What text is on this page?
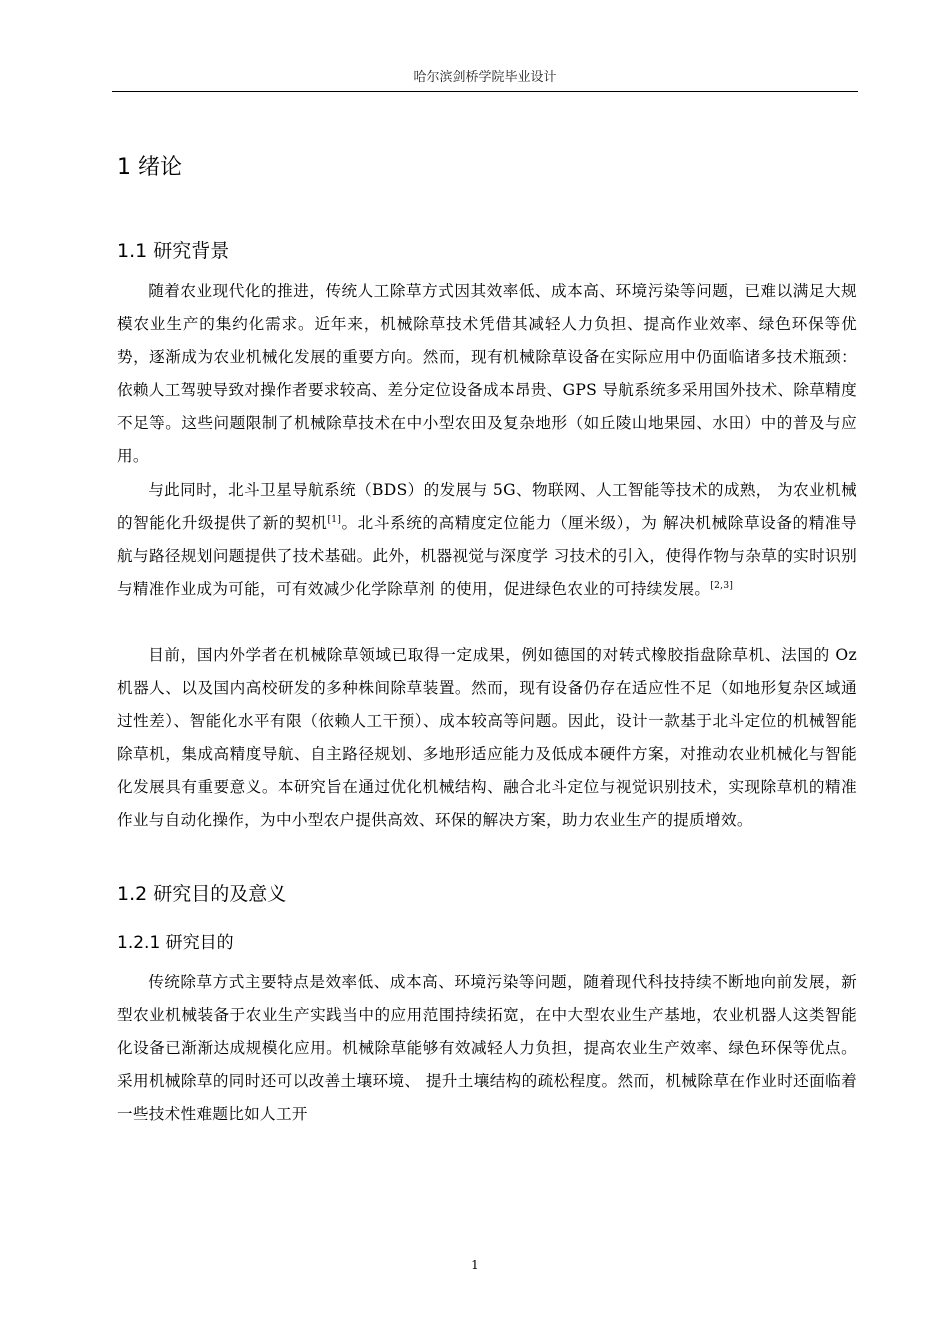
哈尔滨剑桥学院毕业设计
1 绪论
1.1 研究背景

随着农业现代化的推进，传统人工除草方式因其效率低、成本高、环境污染等问题，已难以满足大规模农业生产的集约化需求。近年来，机械除草技术凭借其减轻人力负担、提高作业效率、绿色环保等优势，逐渐成为农业机械化发展的重要方向。然而，现有机械除草设备在实际应用中仍面临诸多技术瓶颈：依赖人工驾驶导致对操作者要求较高、差分定位设备成本昂贵、GPS 导航系统多采用国外技术、除草精度不足等。这些问题限制了机械除草技术在中小型农田及复杂地形（如丘陵山地果园、水田）中的普及与应用。

与此同时，北斗卫星导航系统（BDS）的发展与 5G、物联网、人工智能等技术的成熟， 为农业机械的智能化升级提供了新的契机[1]。北斗系统的高精度定位能力（厘米级），为 解决机械除草设备的精准导航与路径规划问题提供了技术基础。此外，机器视觉与深度学 习技术的引入，使得作物与杂草的实时识别与精准作业成为可能，可有效减少化学除草剂 的使用，促进绿色农业的可持续发展。[2,3]

目前，国内外学者在机械除草领域已取得一定成果，例如德国的对转式橡胶指盘除草机、法国的 Oz 机器人、以及国内高校研发的多种株间除草装置。然而，现有设备仍存在适应性不足（如地形复杂区域通过性差）、智能化水平有限（依赖人工干预）、成本较高等问题。因此，设计一款基于北斗定位的机械智能除草机，集成高精度导航、自主路径规划、多地形适应能力及低成本硬件方案，对推动农业机械化与智能化发展具有重要意义。本研究旨在通过优化机械结构、融合北斗定位与视觉识别技术，实现除草机的精准作业与自动化操作，为中小型农户提供高效、环保的解决方案，助力农业生产的提质增效。

1.2 研究目的及意义
1.2.1 研究目的

传统除草方式主要特点是效率低、成本高、环境污染等问题，随着现代科技持续不断地向前发展，新型农业机械装备于农业生产实践当中的应用范围持续拓宽，在中大型农业生产基地，农业机器人这类智能化设备已渐渐达成规模化应用。机械除草能够有效减轻人力负担，提高农业生产效率、绿色环保等优点。采用机械除草的同时还可以改善土壤环境、 提升土壤结构的疏松程度。然而，机械除草在作业时还面临着一些技术性难题比如人工开

1
